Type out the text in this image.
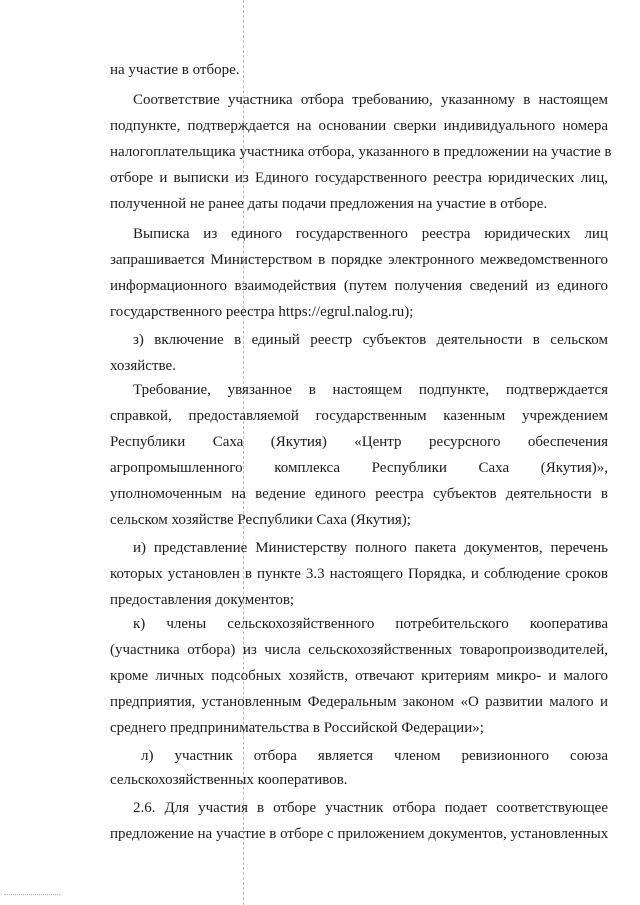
на участие в отборе.

Соответствие участника отбора требованию, указанному в настоящем

подпункте, подтверждается на основании сверки индивидуального номера

налогоплательщика участника отбора, указанного в предложении на участие в

отборе и выписки из Единого государственного реестра юридических лиц,

полученной не ранее даты подачи предложения на участие в отборе.

Выписка из единого государственного реестра юридических лиц

запрашивается Министерством в порядке электронного межведомственного

информационного взаимодействия (путем получения сведений из единого

государственного реестра https://egrul.nalog.ru);

з) включение в единый реестр субъектов деятельности в сельском

хозяйстве.

Требование, увязанное в настоящем подпункте, подтверждается

справкой, предоставляемой государственным казенным учреждением

Республики Саха (Якутия) «Центр ресурсного обеспечения

агропромышленного комплекса Республики Саха (Якутия)»,

уполномоченным на ведение единого реестра субъектов деятельности в

сельском хозяйстве Республики Саха (Якутия);

и) представление Министерству полного пакета документов, перечень

которых установлен в пункте 3.3 настоящего Порядка, и соблюдение сроков

предоставления документов;

к) члены сельскохозяйственного потребительского кооператива

(участника отбора) из числа сельскохозяйственных товаропроизводителей,

кроме личных подсобных хозяйств, отвечают критериям микро- и малого

предприятия, установленным Федеральным законом «О развитии малого и

среднего предпринимательства в Российской Федерации»;

л) участник отбора является членом ревизионного союза

сельскохозяйственных кооперативов.

2.6. Для участия в отборе участник отбора подает соответствующее

предложение на участие в отборе с приложением документов, установленных
